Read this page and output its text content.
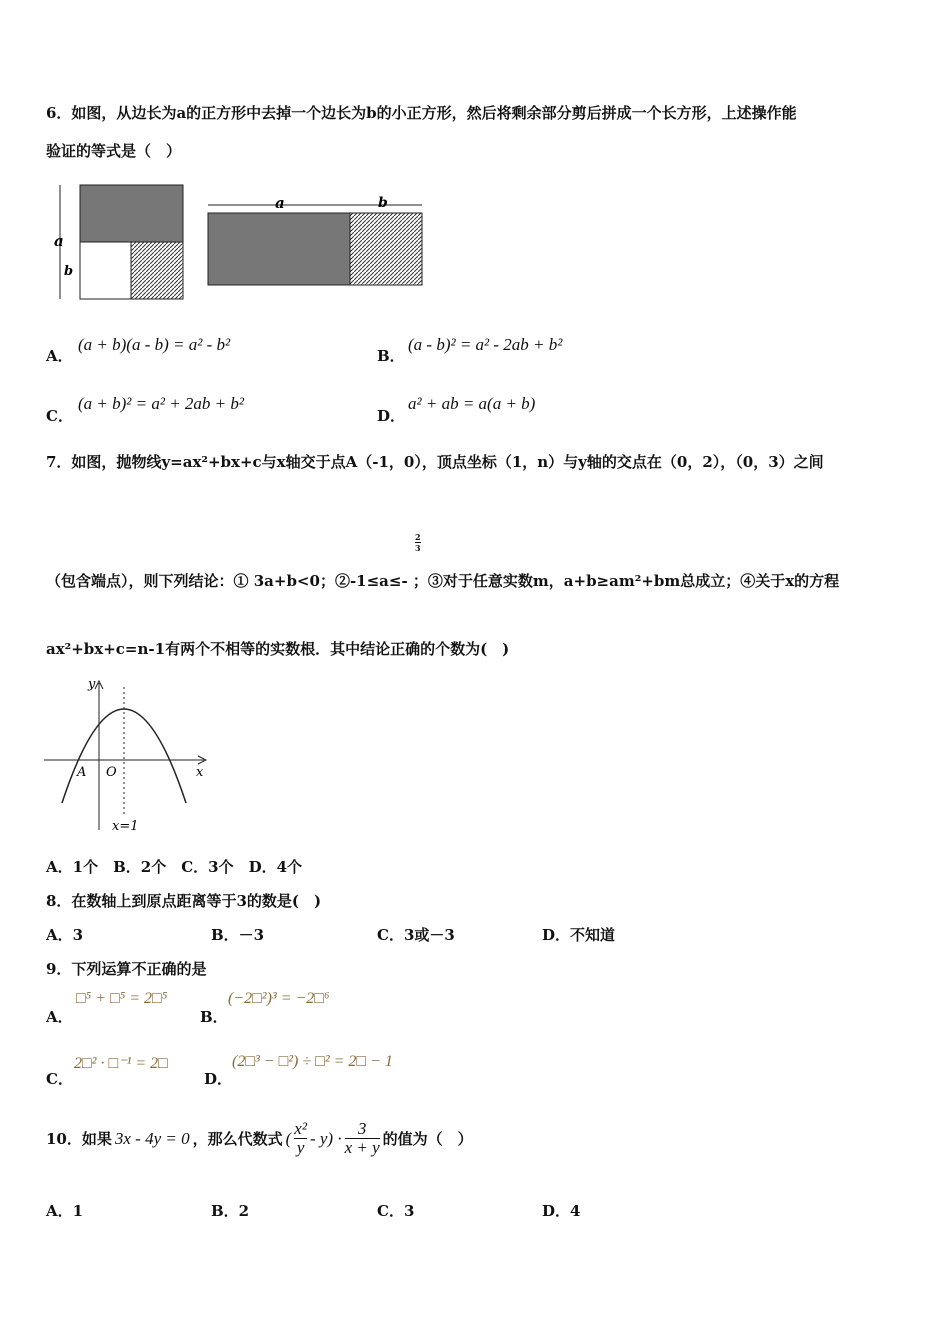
6．如图，从边长为a的正方形中去掉一个边长为b的小正方形，然后将剩余部分剪后拼成一个长方形，上述操作能
验证的等式是（　）
a
b
a	b
A．
(a + b)(a - b) = a² - b²
B．
(a - b)² = a² - 2ab + b²
C．
(a + b)² = a² + 2ab + b²
D．
a² + ab = a(a + b)
7．如图，抛物线y=ax²+bx+c与x轴交于点A（-1，0），顶点坐标（1，n）与y轴的交点在（0，2），（0，3）之间
2
3
（包含端点），则下列结论：① 3a+b<0；②-1≤a≤- ；③对于任意实数m，a+b≥am²+bm总成立；④关于x的方程
ax²+bx+c=n-1有两个不相等的实数根．其中结论正确的个数为(　)
y
x
A O
x=1
A．1个　B．2个　C．3个　D．4个
8．在数轴上到原点距离等于3的数是(　)
A．3	B．－3	C．3或－3	D．不知道
9．下列运算不正确的是
A．
□⁵ + □⁵ = 2□⁵
B．
(−2□²)³ = −2□⁶
C．
2□² · □⁻¹ = 2□
D．
(2□³ − □²) ÷ □² = 2□ − 1
10．如果 3x - 4y = 0 ，那么代数式 ( $\frac{\text{x²}}{y} - y) \cdot \frac{3}{x + y}$ 的值为（　）
A．1	B．2	C．3	D．4
